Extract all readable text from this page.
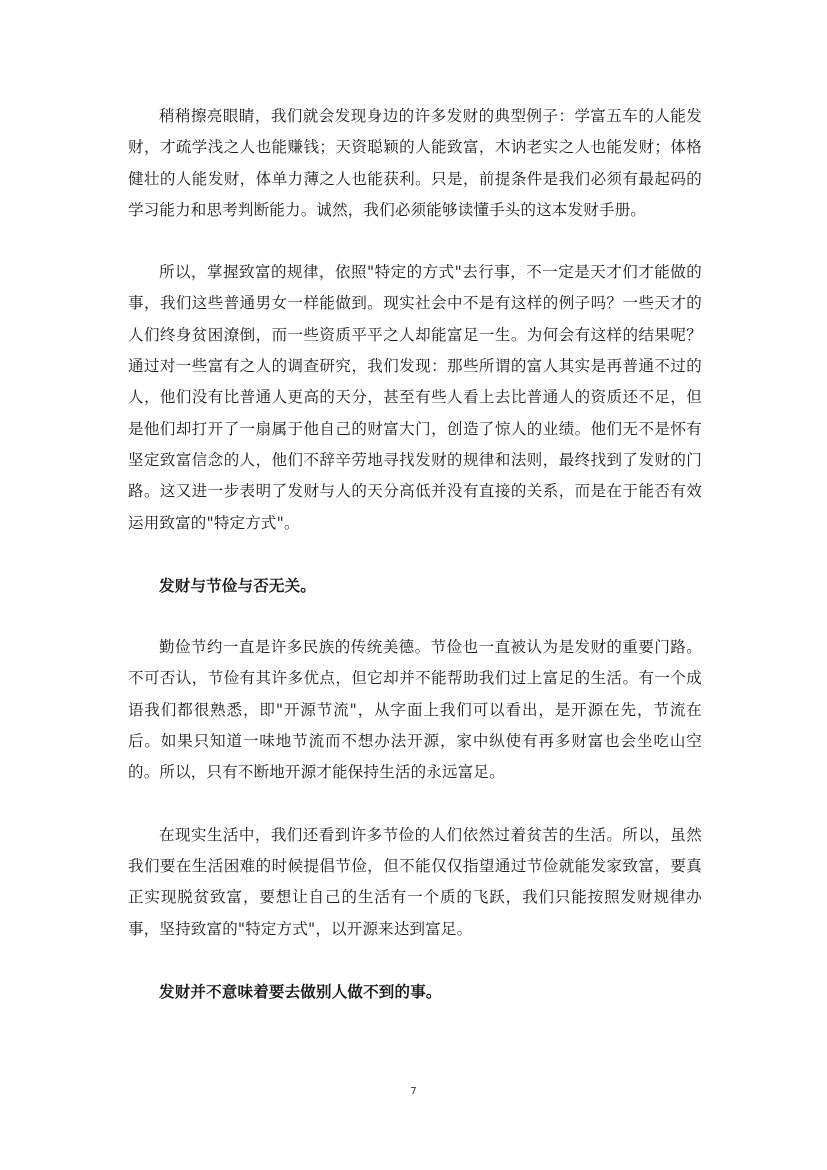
稍稍擦亮眼睛，我们就会发现身边的许多发财的典型例子：学富五车的人能发财，才疏学浅之人也能赚钱；天资聪颖的人能致富，木讷老实之人也能发财；体格健壮的人能发财，体单力薄之人也能获利。只是，前提条件是我们必须有最起码的学习能力和思考判断能力。诚然，我们必须能够读懂手头的这本发财手册。

所以，掌握致富的规律，依照"特定的方式"去行事，不一定是天才们才能做的事，我们这些普通男女一样能做到。现实社会中不是有这样的例子吗？一些天才的人们终身贫困潦倒，而一些资质平平之人却能富足一生。为何会有这样的结果呢？通过对一些富有之人的调查研究，我们发现：那些所谓的富人其实是再普通不过的人，他们没有比普通人更高的天分，甚至有些人看上去比普通人的资质还不足，但是他们却打开了一扇属于他自己的财富大门，创造了惊人的业绩。他们无不是怀有坚定致富信念的人，他们不辞辛劳地寻找发财的规律和法则，最终找到了发财的门路。这又进一步表明了发财与人的天分高低并没有直接的关系，而是在于能否有效运用致富的"特定方式"。

发财与节俭与否无关。

勤俭节约一直是许多民族的传统美德。节俭也一直被认为是发财的重要门路。不可否认，节俭有其许多优点，但它却并不能帮助我们过上富足的生活。有一个成语我们都很熟悉，即"开源节流"，从字面上我们可以看出，是开源在先，节流在后。如果只知道一味地节流而不想办法开源，家中纵使有再多财富也会坐吃山空的。所以，只有不断地开源才能保持生活的永远富足。

在现实生活中，我们还看到许多节俭的人们依然过着贫苦的生活。所以，虽然我们要在生活困难的时候提倡节俭，但不能仅仅指望通过节俭就能发家致富，要真正实现脱贫致富，要想让自己的生活有一个质的飞跃，我们只能按照发财规律办事，坚持致富的"特定方式"，以开源来达到富足。

发财并不意味着要去做别人做不到的事。

7
